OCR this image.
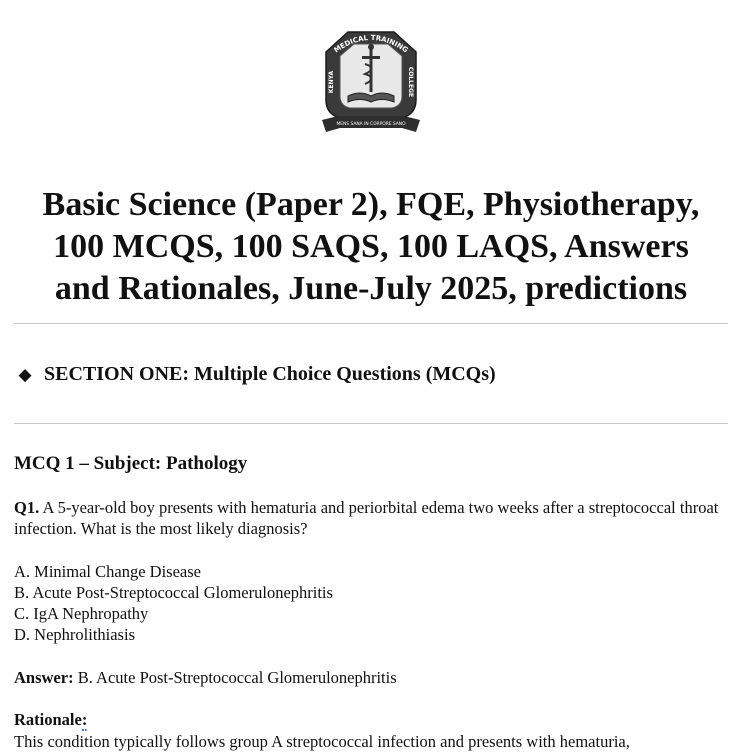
MEDICAL TRAINING
KENYA	COLLEGE
MENS SANA IN CORPORE SANO
Basic Science (Paper 2), FQE, Physiotherapy,
100 MCQS, 100 SAQS, 100 LAQS, Answers
and Rationales, June-July 2025, predictions
◆ SECTION ONE: Multiple Choice Questions (MCQs)
MCQ 1 – Subject: Pathology
Q1. A 5-year-old boy presents with hematuria and periorbital edema two weeks after a streptococcal throat infection. What is the most likely diagnosis?
A. Minimal Change Disease
B. Acute Post-Streptococcal Glomerulonephritis
C. IgA Nephropathy
D. Nephrolithiasis
Answer: B. Acute Post-Streptococcal Glomerulonephritis
Rationale:
This condition typically follows group A streptococcal infection and presents with hematuria,
